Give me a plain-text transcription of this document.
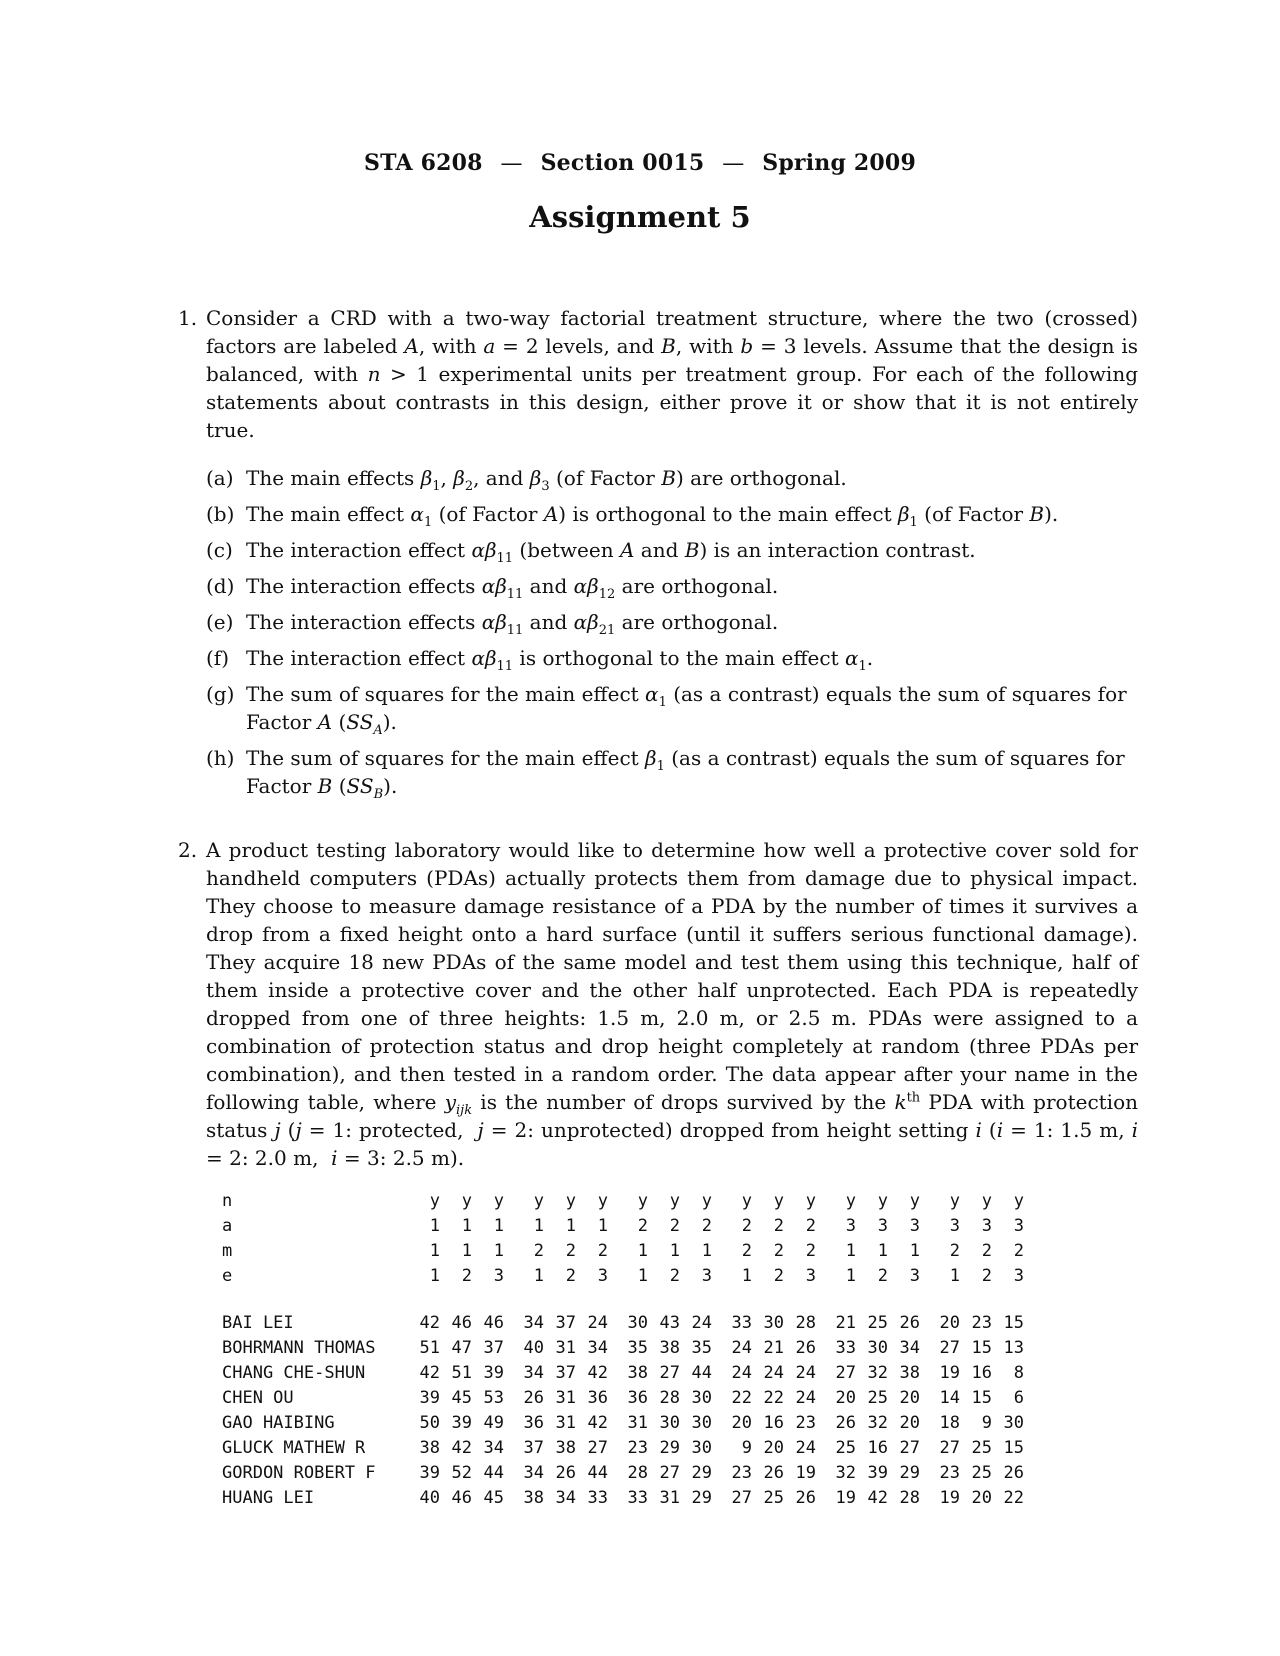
STA 6208 — Section 0015 — Spring 2009
Assignment 5
1. Consider a CRD with a two-way factorial treatment structure, where the two (crossed) factors are labeled A, with a = 2 levels, and B, with b = 3 levels. Assume that the design is balanced, with n > 1 experimental units per treatment group. For each of the following statements about contrasts in this design, either prove it or show that it is not entirely true.

(a) The main effects $\beta_1$, $\beta_2$, and $\beta_3$ (of Factor B) are orthogonal.
(b) The main effect $\alpha_1$ (of Factor A) is orthogonal to the main effect $\beta_1$ (of Factor B).
(c) The interaction effect $\alpha\beta_{11}$ (between A and B) is an interaction contrast.
(d) The interaction effects $\alpha\beta_{11}$ and $\alpha\beta_{12}$ are orthogonal.
(e) The interaction effects $\alpha\beta_{11}$ and $\alpha\beta_{21}$ are orthogonal.
(f) The interaction effect $\alpha\beta_{11}$ is orthogonal to the main effect $\alpha_1$.
(g) The sum of squares for the main effect $\alpha_1$ (as a contrast) equals the sum of squares for Factor A $(SS_A)$.
(h) The sum of squares for the main effect $\beta_1$ (as a contrast) equals the sum of squares for Factor B $(SS_B)$.
2. A product testing laboratory would like to determine how well a protective cover sold for handheld computers (PDAs) actually protects them from damage due to physical impact. They choose to measure damage resistance of a PDA by the number of times it survives a drop from a fixed height onto a hard surface (until it suffers serious functional damage). They acquire 18 new PDAs of the same model and test them using this technique, half of them inside a protective cover and the other half unprotected. Each PDA is repeatedly dropped from one of three heights: 1.5 m, 2.0 m, or 2.5 m. PDAs were assigned to a combination of protection status and drop height completely at random (three PDAs per combination), and then tested in a random order. The data appear after your name in the following table, where $y_{ijk}$ is the number of drops survived by the $k^{th}$ PDA with protection status j (j = 1: protected,  j = 2: unprotected) dropped from height setting i (i = 1: 1.5 m, i = 2: 2.0 m,  i = 3: 2.5 m).

n	y	y	y		y	y	y		y	y	y		y	y	y		y	y	y		y	y	y
a	1	1	1		1	1	1		2	2	2		2	2	2		3	3	3		3	3	3
m	1	1	1		2	2	2		1	1	1		2	2	2		1	1	1		2	2	2
e	1	2	3		1	2	3		1	2	3		1	2	3		1	2	3		1	2	3

BAI LEI	42	46	46		34	37	24		30	43	24		33	30	28		21	25	26		20	23	15
BOHRMANN THOMAS	51	47	37		40	31	34		35	38	35		24	21	26		33	30	34		27	15	13
CHANG CHE-SHUN	42	51	39		34	37	42		38	27	44		24	24	24		27	32	38		19	16	8
CHEN OU	39	45	53		26	31	36		36	28	30		22	22	24		20	25	20		14	15	6
GAO HAIBING	50	39	49		36	31	42		31	30	30		20	16	23		26	32	20		18	9	30
GLUCK MATHEW R	38	42	34		37	38	27		23	29	30		9	20	24		25	16	27		27	25	15
GORDON ROBERT F	39	52	44		34	26	44		28	27	29		23	26	19		32	39	29		23	25	26
HUANG LEI	40	46	45		38	34	33		33	31	29		27	25	26		19	42	28		19	20	22
